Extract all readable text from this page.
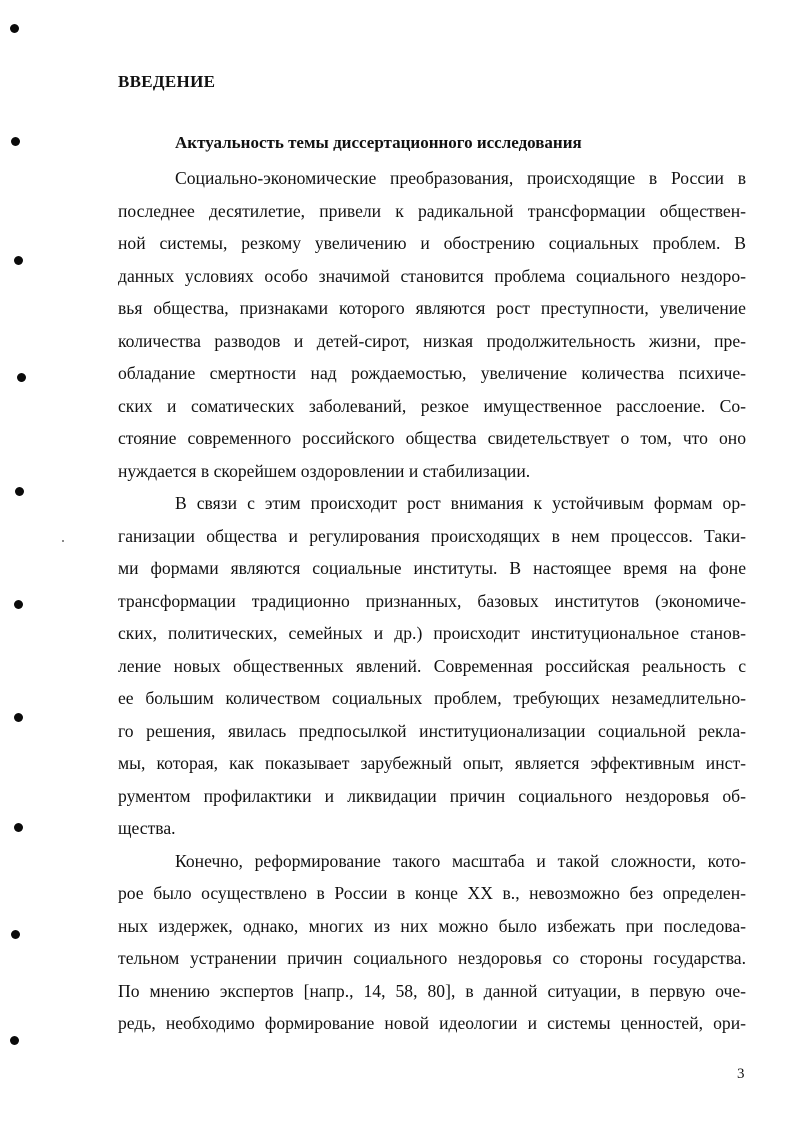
ВВЕДЕНИЕ
Актуальность темы диссертационного исследования

Социально-экономические преобразования, происходящие в России в
последнее десятилетие, привели к радикальной трансформации обществен-
ной системы, резкому увеличению и обострению социальных проблем. В
данных условиях особо значимой становится проблема социального нездоро-
вья общества, признаками которого являются рост преступности, увеличение
количества разводов и детей-сирот, низкая продолжительность жизни, пре-
обладание смертности над рождаемостью, увеличение количества психиче-
ских и соматических заболеваний, резкое имущественное расслоение. Со-
стояние современного российского общества свидетельствует о том, что оно
нуждается в скорейшем оздоровлении и стабилизации.

В связи с этим происходит рост внимания к устойчивым формам ор-
ганизации общества и регулирования происходящих в нем процессов. Таки-
ми формами являются социальные институты. В настоящее время на фоне
трансформации традиционно признанных, базовых институтов (экономиче-
ских, политических, семейных и др.) происходит институциональное станов-
ление новых общественных явлений. Современная российская реальность с
ее большим количеством социальных проблем, требующих незамедлительно-
го решения, явилась предпосылкой институционализации социальной рекла-
мы, которая, как показывает зарубежный опыт, является эффективным инст-
рументом профилактики и ликвидации причин социального нездоровья об-
щества.

Конечно, реформирование такого масштаба и такой сложности, кото-
рое было осуществлено в России в конце XX в., невозможно без определен-
ных издержек, однако, многих из них можно было избежать при последова-
тельном устранении причин социального нездоровья со стороны государства.
По мнению экспертов [напр., 14, 58, 80], в данной ситуации, в первую оче-
редь, необходимо формирование новой идеологии и системы ценностей, ори-

3
